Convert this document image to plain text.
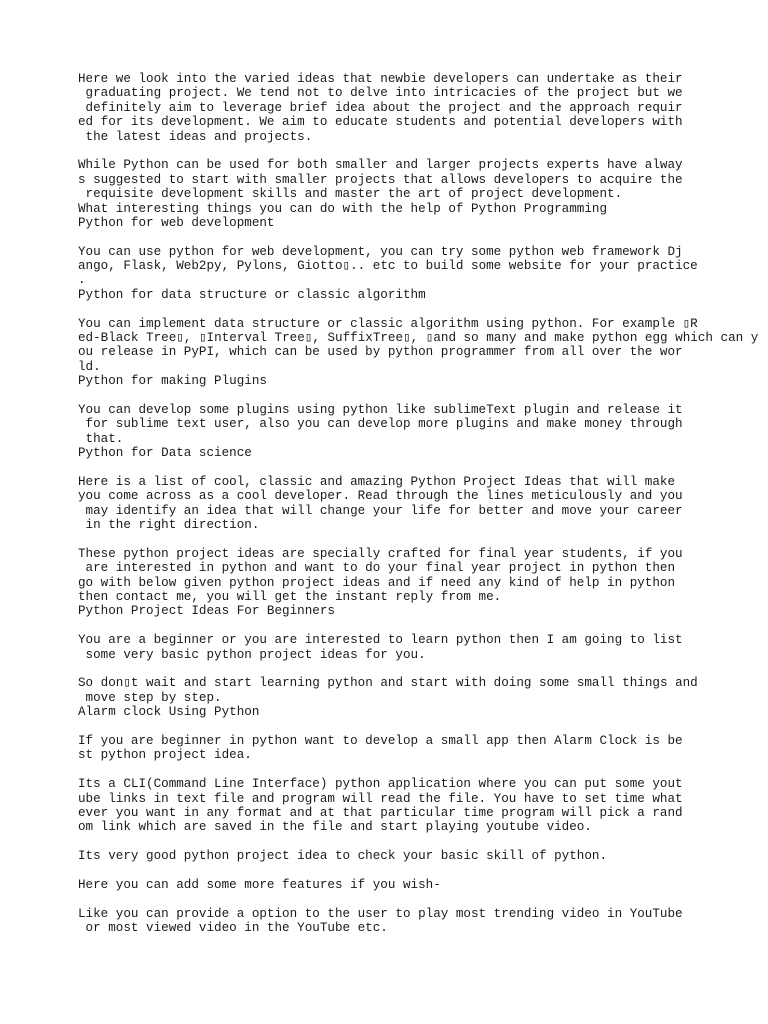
Here we look into the varied ideas that newbie developers can undertake as their
graduating project. We tend not to delve into intricacies of the project but we
definitely aim to leverage brief idea about the project and the approach requir
ed for its development. We aim to educate students and potential developers with
the latest ideas and projects.
While Python can be used for both smaller and larger projects experts have alway
s suggested to start with smaller projects that allows developers to acquire the
requisite development skills and master the art of project development.
What interesting things you can do with the help of Python Programming
Python for web development
You can use python for web development, you can try some python web framework Dj
ango, Flask, Web2py, Pylons, Giotto▯.. etc to build some website for your practice
.
Python for data structure or classic algorithm
You can implement data structure or classic algorithm using python. For example ▯R
ed-Black Tree▯, ▯Interval Tree▯, SuffixTree▯, ▯and so many and make python egg which can y
ou release in PyPI, which can be used by python programmer from all over the wor
ld.
Python for making Plugins
You can develop some plugins using python like sublimeText plugin and release it
for sublime text user, also you can develop more plugins and make money through
that.
Python for Data science
Here is a list of cool, classic and amazing Python Project Ideas that will make
you come across as a cool developer. Read through the lines meticulously and you
may identify an idea that will change your life for better and move your career
in the right direction.
These python project ideas are specially crafted for final year students, if you
are interested in python and want to do your final year project in python then
go with below given python project ideas and if need any kind of help in python
then contact me, you will get the instant reply from me.
Python Project Ideas For Beginners
You are a beginner or you are interested to learn python then I am going to list
some very basic python project ideas for you.
So don▯t wait and start learning python and start with doing some small things and
move step by step.
Alarm clock Using Python
If you are beginner in python want to develop a small app then Alarm Clock is be
st python project idea.
Its a CLI(Command Line Interface) python application where you can put some yout
ube links in text file and program will read the file. You have to set time what
ever you want in any format and at that particular time program will pick a rand
om link which are saved in the file and start playing youtube video.
Its very good python project idea to check your basic skill of python.
Here you can add some more features if you wish-
Like you can provide a option to the user to play most trending video in YouTube
or most viewed video in the YouTube etc.
